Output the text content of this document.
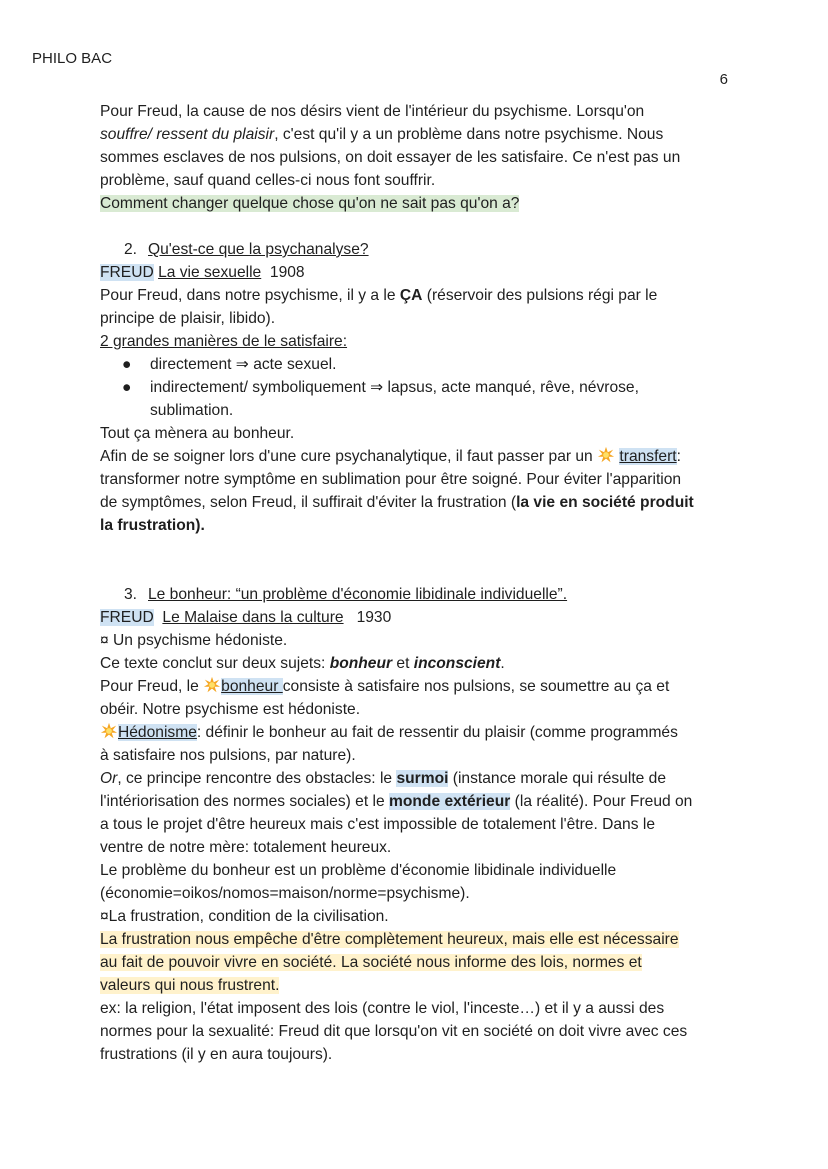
PHILO BAC
6

Pour Freud, la cause de nos désirs vient de l'intérieur du psychisme. Lorsqu'on

souffre/ ressent du plaisir, c'est qu'il y a un problème dans notre psychisme. Nous

sommes esclaves de nos pulsions, on doit essayer de les satisfaire. Ce n'est pas un

problème, sauf quand celles-ci nous font souffrir.

Comment changer quelque chose qu'on ne sait pas qu'on a?

2. Qu'est-ce que la psychanalyse?

FREUD La vie sexuelle 1908

Pour Freud, dans notre psychisme, il y a le ÇA (réservoir des pulsions régi par le

principe de plaisir, libido).

2 grandes manières de le satisfaire:

● directement ⇒ acte sexuel.
● indirectement/ symboliquement ⇒ lapsus, acte manqué, rêve, névrose,
sublimation.

Tout ça mènera au bonheur.

Afin de se soigner lors d'une cure psychanalytique, il faut passer par un  transfert:

transformer notre symptôme en sublimation pour être soigné. Pour éviter l'apparition

de symptômes, selon Freud, il suffirait d'éviter la frustration (la vie en société produit

la frustration).

3. Le bonheur: “un problème d'économie libidinale individuelle”.

FREUD Le Malaise dans la culture 1930

¤ Un psychisme hédoniste.

Ce texte conclut sur deux sujets: bonheur et inconscient.

Pour Freud, le bonheur consiste à satisfaire nos pulsions, se soumettre au ça et

obéir. Notre psychisme est hédoniste.

Hédonisme: définir le bonheur au fait de ressentir du plaisir (comme programmés

à satisfaire nos pulsions, par nature).

Or, ce principe rencontre des obstacles: le surmoi (instance morale qui résulte de

l'intériorisation des normes sociales) et le monde extérieur (la réalité). Pour Freud on

a tous le projet d'être heureux mais c'est impossible de totalement l'être. Dans le

ventre de notre mère: totalement heureux.

Le problème du bonheur est un problème d'économie libidinale individuelle

(économie=oikos/nomos=maison/norme=psychisme).

¤La frustration, condition de la civilisation.

La frustration nous empêche d'être complètement heureux, mais elle est nécessaire

au fait de pouvoir vivre en société. La société nous informe des lois, normes et

valeurs qui nous frustrent.

ex: la religion, l'état imposent des lois (contre le viol, l'inceste…) et il y a aussi des

normes pour la sexualité: Freud dit que lorsqu'on vit en société on doit vivre avec ces

frustrations (il y en aura toujours).
